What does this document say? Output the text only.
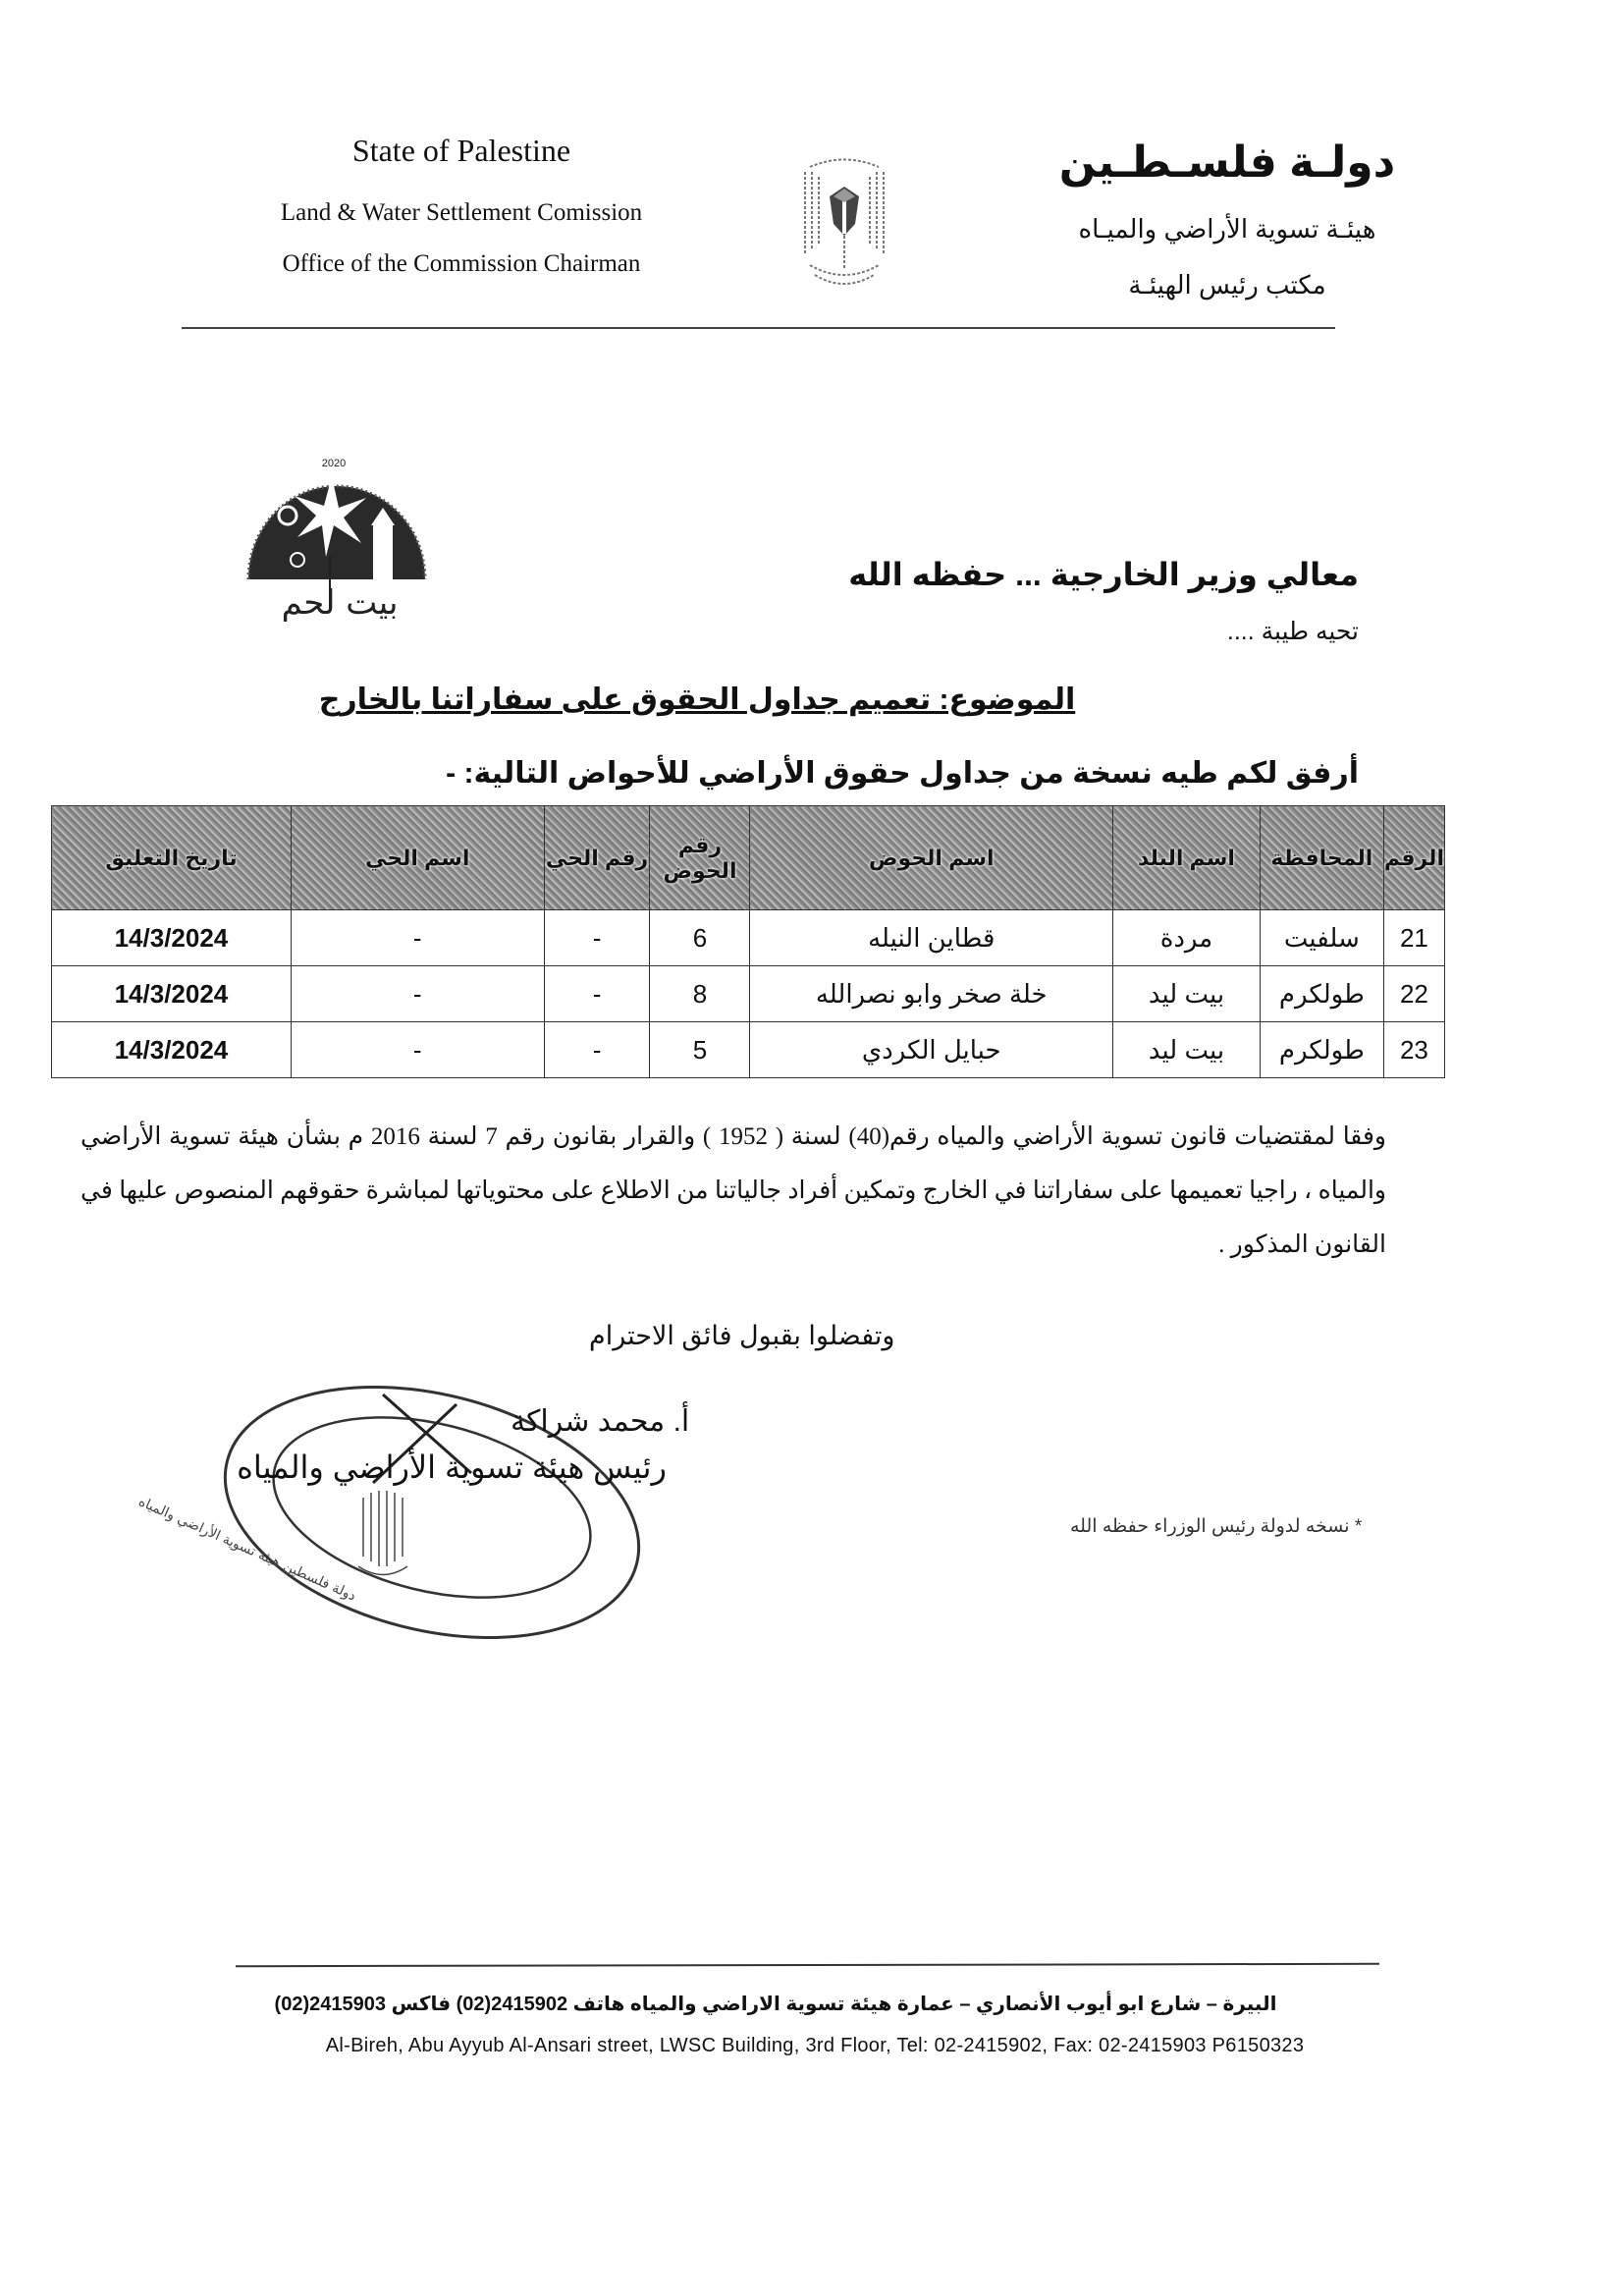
State of Palestine
Land & Water Settlement Comission
Office of the Commission Chairman
دولـة فلسـطـين
هيئـة تسوية الأراضي والميـاه
مكتب رئيس الهيئـة
2020
بيت لحم
معالي وزير الخارجية ... حفظه الله
تحيه طيبة ....
الموضوع: تعميم جداول الحقوق على سفاراتنا بالخارج
أرفق لكم طيه نسخة من جداول حقوق الأراضي للأحواض التالية: -
الرقم	المحافظة	اسم البلد	اسم الحوض	رقم الحوض	رقم الحي	اسم الحي	تاريخ التعليق
21	سلفيت	مردة	قطاين النيله	6	-	-	14/3/2024
22	طولكرم	بيت ليد	خلة صخر وابو نصرالله	8	-	-	14/3/2024
23	طولكرم	بيت ليد	حبايل الكردي	5	-	-	14/3/2024
وفقا لمقتضيات قانون تسوية الأراضي والمياه رقم(40) لسنة ( 1952 ) والقرار بقانون رقم 7 لسنة 2016 م بشأن هيئة تسوية الأراضي والمياه ، راجيا تعميمها على سفاراتنا في الخارج وتمكين أفراد جالياتنا من الاطلاع على محتوياتها لمباشرة حقوقهم المنصوص عليها في القانون المذكور .
وتفضلوا بقبول فائق الاحترام
دولة فلسطين هيئة تسوية الأراضي والمياه
أ. محمد شراكة
رئيس هيئة تسوية الأراضي والمياه
* نسخه لدولة رئيس الوزراء حفظه الله
البيرة – شارع ابو أيوب الأنصاري – عمارة هيئة تسوية الاراضي والمياه هاتف 2415902(02) فاكس 2415903(02)
Al-Bireh, Abu Ayyub Al-Ansari street, LWSC Building, 3rd Floor, Tel: 02-2415902, Fax: 02-2415903 P6150323
